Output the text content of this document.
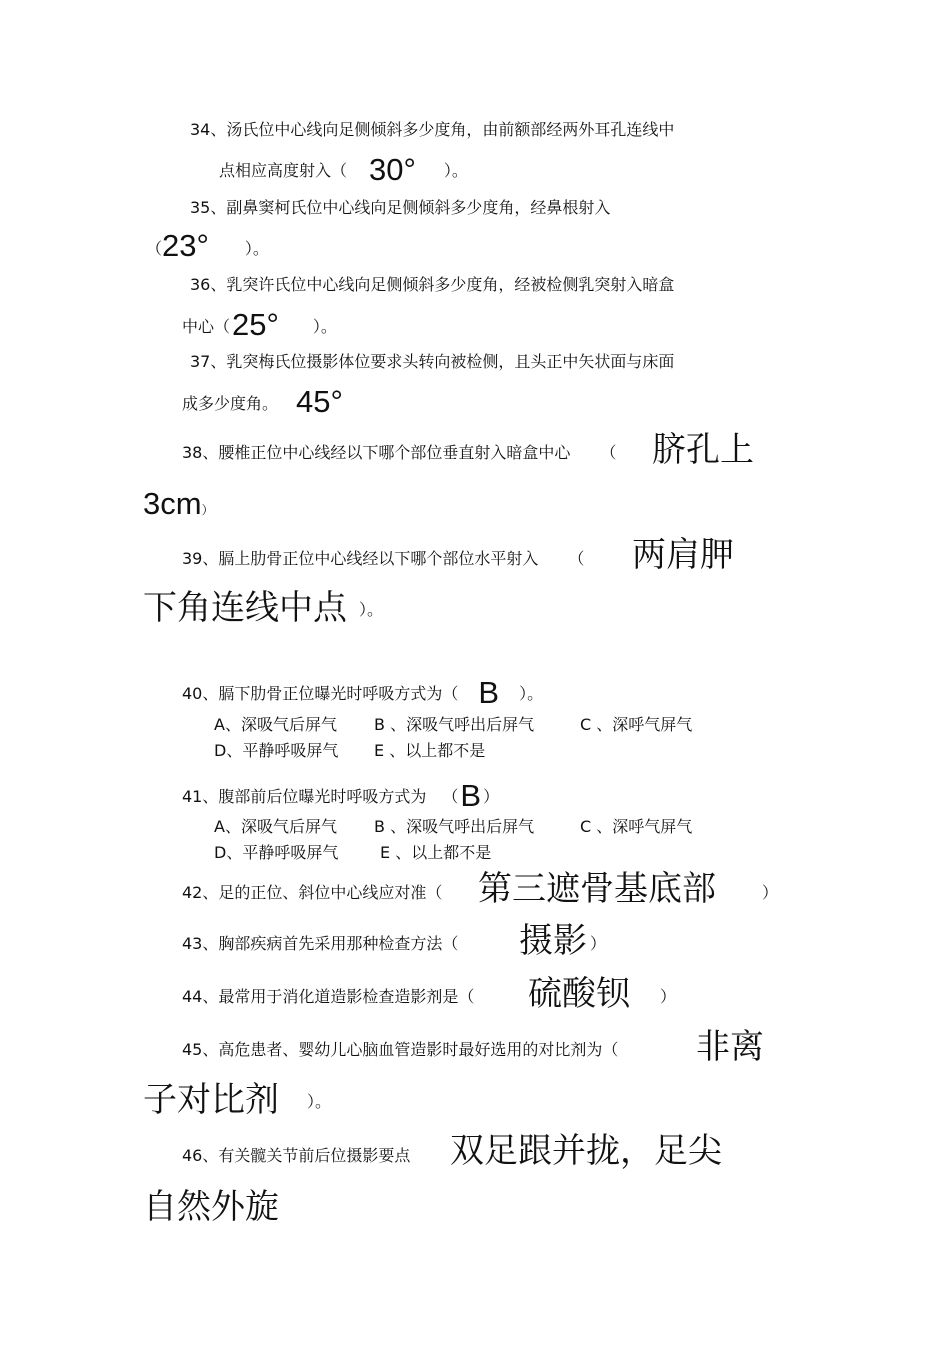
34、汤氏位中心线向足侧倾斜多少度角，由前额部经两外耳孔连线中
点相应高度射入（ 30° ）。
35、副鼻窦柯氏位中心线向足侧倾斜多少度角，经鼻根射入
（23° ）。
36、乳突许氏位中心线向足侧倾斜多少度角，经被检侧乳突射入暗盒
中心（25° ）。
37、乳突梅氏位摄影体位要求头转向被检侧，且头正中矢状面与床面
成多少度角。 45°
38、腰椎正位中心线经以下哪个部位垂直射入暗盒中心 （ 脐孔上
3cm）
39、膈上肋骨正位中心线经以下哪个部位水平射入 （ 两肩胛
下角连线中点 ）。
40、膈下肋骨正位曝光时呼吸方式为（ B ）。
A、深吸气后屏气 B 、深吸气呼出后屏气	C 、深呼气屏气
D、平静呼吸屏气 E 、以上都不是
41、腹部前后位曝光时呼吸方式为 （B ）
A、深吸气后屏气 B 、深吸气呼出后屏气	C 、深呼气屏气
D、平静呼吸屏气	E 、以上都不是
42、足的正位、斜位中心线应对准（ 第三遮骨基底部	）
43、胸部疾病首先采用那种检查方法（ 摄影 ）
44、最常用于消化道造影检查造影剂是（ 硫酸钡 ）
45、高危患者、婴幼儿心脑血管造影时最好选用的对比剂为（ 非离
子对比剂 ）。
46、有关髋关节前后位摄影要点 双足跟并拢，足尖
自然外旋
